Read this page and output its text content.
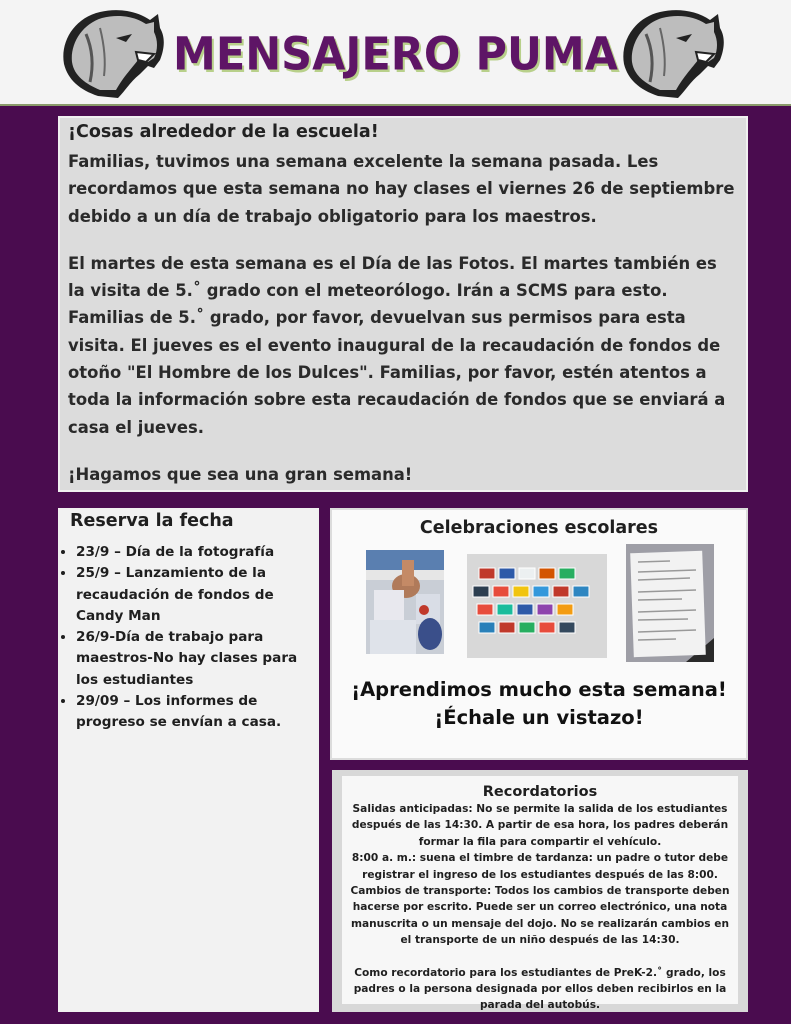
MENSAJERO PUMA
¡Cosas alrededor de la escuela!

Familias, tuvimos una semana excelente la semana pasada. Les recordamos que esta semana no hay clases el viernes 26 de septiembre debido a un día de trabajo obligatorio para los maestros.

El martes de esta semana es el Día de las Fotos. El martes también es la visita de 5.˚ grado con el meteorólogo. Irán a SCMS para esto. Familias de 5.˚ grado, por favor, devuelvan sus permisos para esta visita. El jueves es el evento inaugural de la recaudación de fondos de otoño "El Hombre de los Dulces". Familias, por favor, estén atentos a toda la información sobre esta recaudación de fondos que se enviará a casa el jueves.

¡Hagamos que sea una gran semana!

Reserva la fecha
• 23/9 – Día de la fotografía
• 25/9 – Lanzamiento de la recaudación de fondos de Candy Man
• 26/9-Día de trabajo para maestros-No hay clases para los estudiantes
• 29/09 – Los informes de progreso se envían a casa.
Celebraciones escolares
¡Aprendimos mucho esta semana!
¡Échale un vistazo!
Recordatorios

Salidas anticipadas: No se permite la salida de los estudiantes después de las 14:30. A partir de esa hora, los padres deberán formar la fila para compartir el vehículo.

8:00 a. m.: suena el timbre de tardanza: un padre o tutor debe registrar el ingreso de los estudiantes después de las 8:00.

Cambios de transporte: Todos los cambios de transporte deben hacerse por escrito. Puede ser un correo electrónico, una nota manuscrita o un mensaje del dojo. No se realizarán cambios en el transporte de un niño después de las 14:30.

Como recordatorio para los estudiantes de PreK-2.˚ grado, los padres o la persona designada por ellos deben recibirlos en la parada del autobús.
